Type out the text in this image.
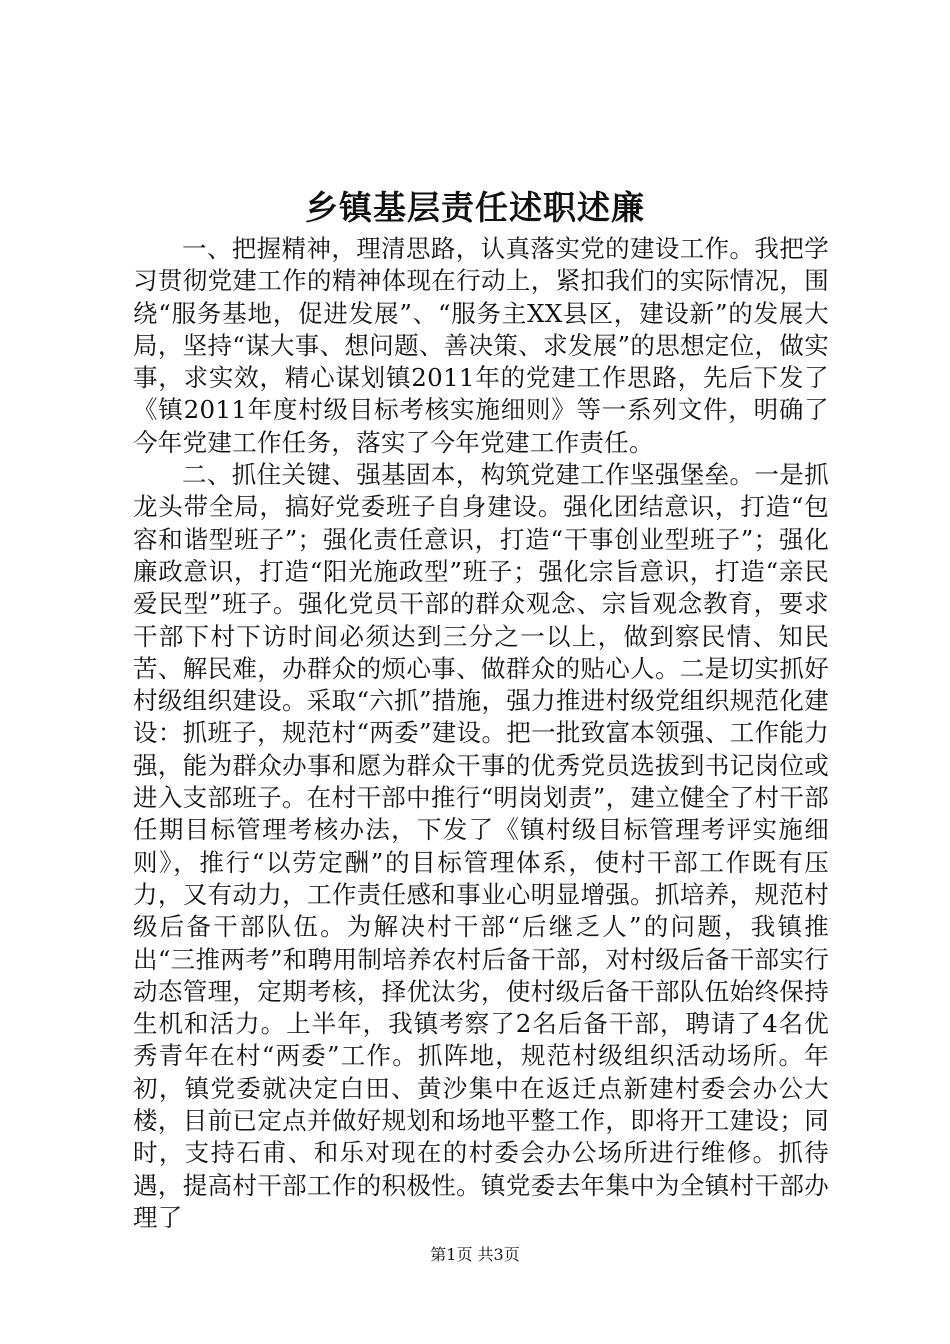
乡镇基层责任述职述廉

一、把握精神，理清思路，认真落实党的建设工作。我把学习贯彻党建工作的精神体现在行动上，紧扣我们的实际情况，围绕“服务基地，促进发展”、“服务主XX县区，建设新”的发展大局，坚持“谋大事、想问题、善决策、求发展”的思想定位，做实事，求实效，精心谋划镇2011年的党建工作思路，先后下发了《镇2011年度村级目标考核实施细则》等一系列文件，明确了今年党建工作任务，落实了今年党建工作责任。

二、抓住关键、强基固本，构筑党建工作坚强堡垒。一是抓龙头带全局，搞好党委班子自身建设。强化团结意识，打造“包容和谐型班子”；强化责任意识，打造“干事创业型班子”；强化廉政意识，打造“阳光施政型”班子；强化宗旨意识，打造“亲民爱民型”班子。强化党员干部的群众观念、宗旨观念教育，要求干部下村下访时间必须达到三分之一以上，做到察民情、知民苦、解民难，办群众的烦心事、做群众的贴心人。二是切实抓好村级组织建设。采取“六抓”措施，强力推进村级党组织规范化建设：抓班子，规范村“两委”建设。把一批致富本领强、工作能力强，能为群众办事和愿为群众干事的优秀党员选拔到书记岗位或进入支部班子。在村干部中推行“明岗划责”，建立健全了村干部任期目标管理考核办法，下发了《镇村级目标管理考评实施细则》，推行“以劳定酬”的目标管理体系，使村干部工作既有压力，又有动力，工作责任感和事业心明显增强。抓培养，规范村级后备干部队伍。为解决村干部“后继乏人”的问题，我镇推出“三推两考”和聘用制培养农村后备干部，对村级后备干部实行动态管理，定期考核，择优汰劣，使村级后备干部队伍始终保持生机和活力。上半年，我镇考察了2名后备干部，聘请了4名优秀青年在村“两委”工作。抓阵地，规范村级组织活动场所。年初，镇党委就决定白田、黄沙集中在返迁点新建村委会办公大楼，目前已定点并做好规划和场地平整工作，即将开工建设；同时，支持石甫、和乐对现在的村委会办公场所进行维修。抓待遇，提高村干部工作的积极性。镇党委去年集中为全镇村干部办理了

第1页 共3页
